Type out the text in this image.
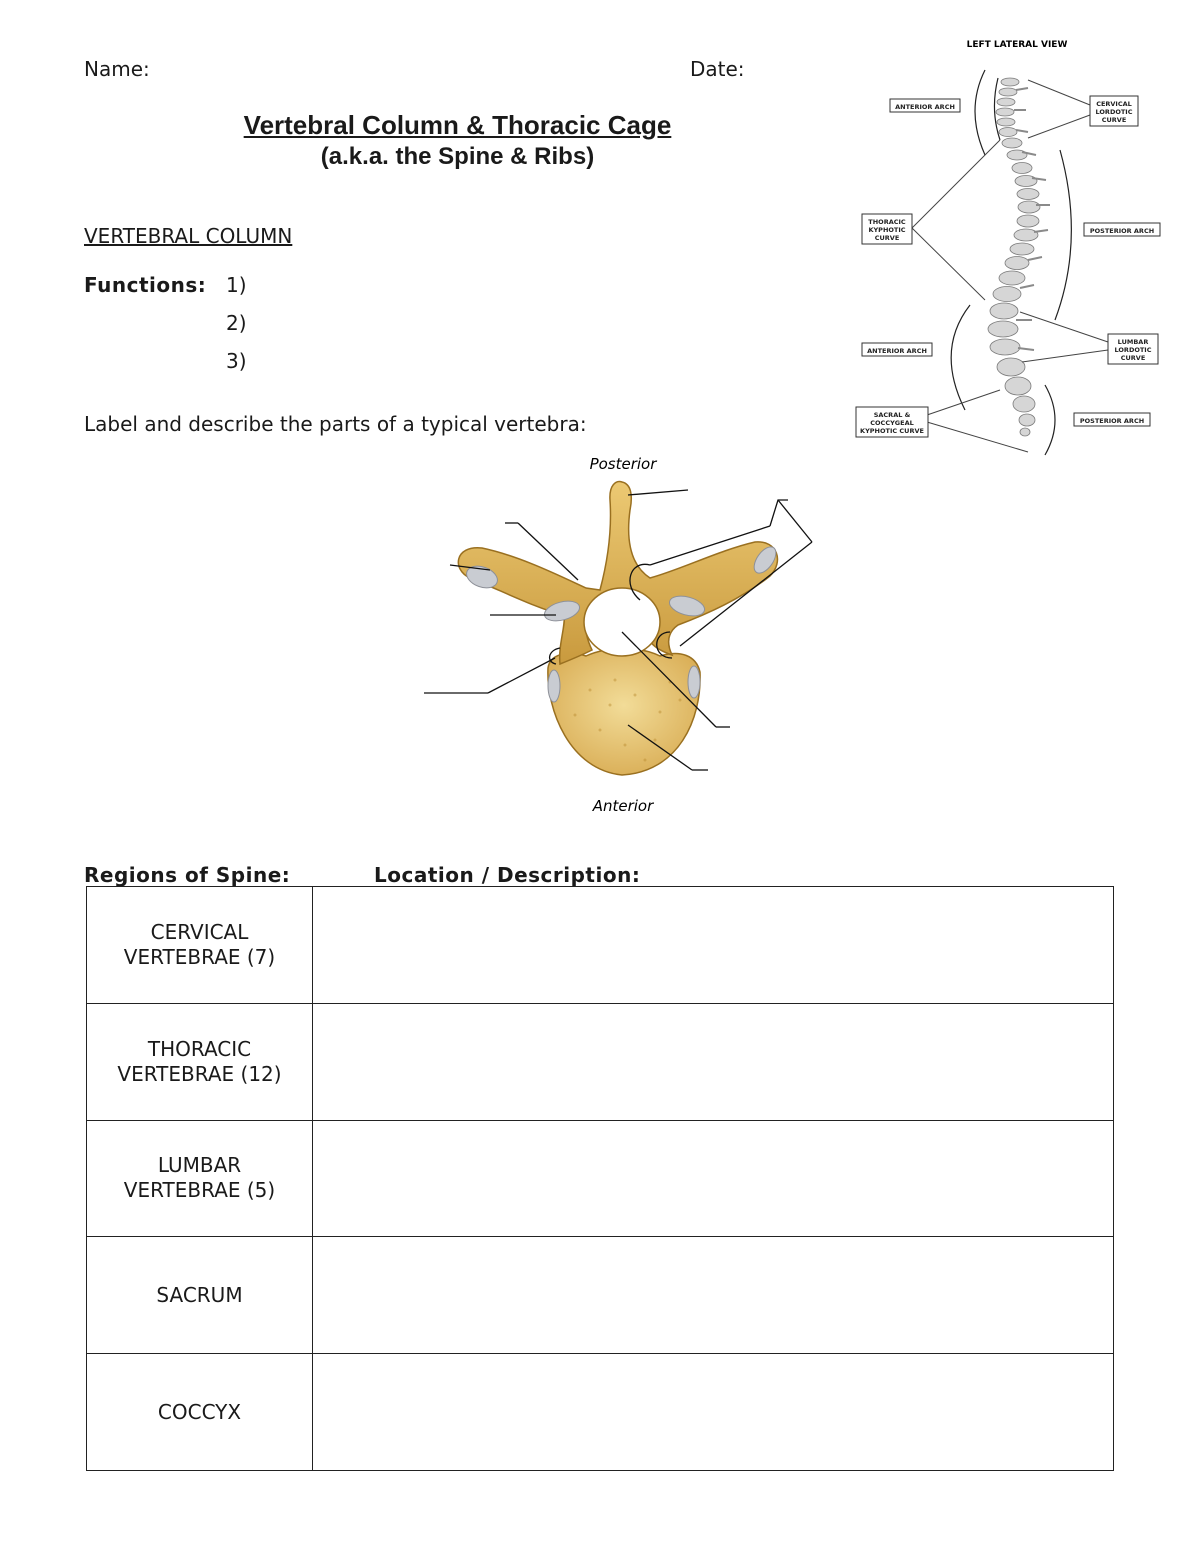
Name:	Date:
Vertebral Column & Thoracic Cage
(a.k.a. the Spine & Ribs)
VERTEBRAL COLUMN
Functions: 1)
2)
3)
Label and describe the parts of a typical vertebra:
LEFT LATERAL VIEW
ANTERIOR ARCH	CERVICAL
LORDOTIC
CURVE
THORACIC
KYPHOTIC
CURVE
POSTERIOR ARCH
ANTERIOR ARCH
LUMBAR
LORDOTIC
CURVE
SACRAL &
COCCYGEAL
KYPHOTIC CURVE
POSTERIOR ARCH
Posterior
Anterior
Regions of Spine:	Location / Description:
CERVICAL
VERTEBRAE (7)	

THORACIC
VERTEBRAE (12)	

LUMBAR
VERTEBRAE (5)	

SACRUM	

COCCYX	
